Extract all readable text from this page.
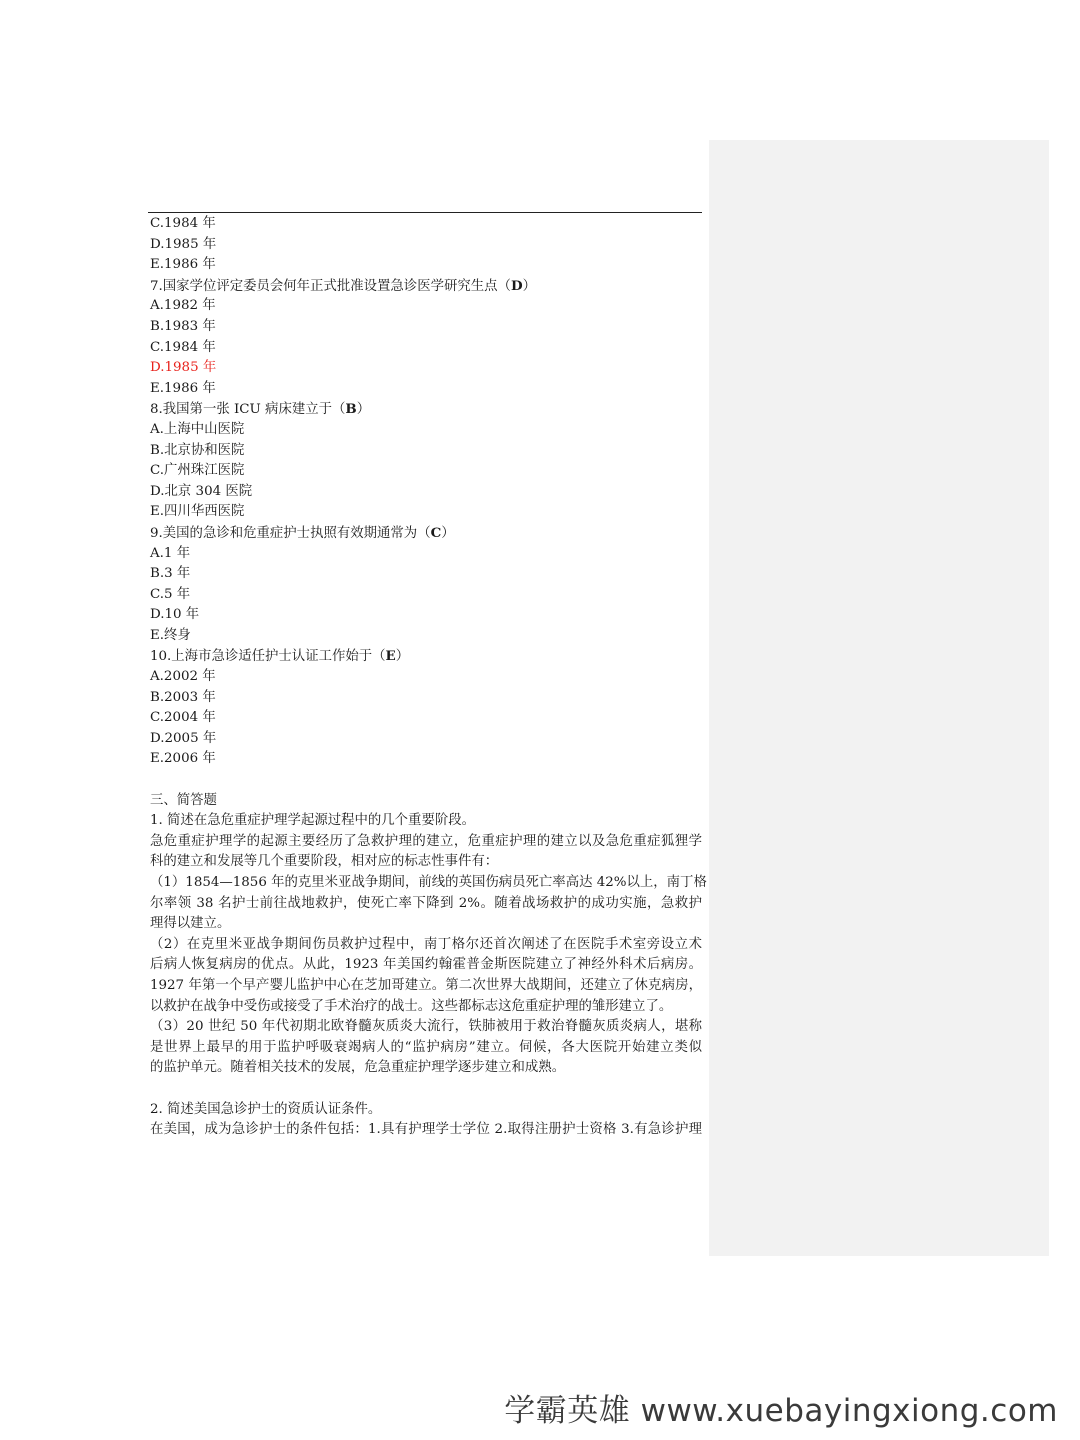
C.1984 年
D.1985 年
E.1986 年
7.国家学位评定委员会何年正式批准设置急诊医学研究生点（D）
A.1982 年
B.1983 年
C.1984 年
D.1985 年
E.1986 年
8.我国第一张 ICU 病床建立于（B）
A.上海中山医院
B.北京协和医院
C.广州珠江医院
D.北京 304 医院
E.四川华西医院
9.美国的急诊和危重症护士执照有效期通常为（C）
A.1 年
B.3 年
C.5 年
D.10 年
E.终身
10.上海市急诊适任护士认证工作始于（E）
A.2002 年
B.2003 年
C.2004 年
D.2005 年
E.2006 年
三、简答题
1. 简述在急危重症护理学起源过程中的几个重要阶段。
急危重症护理学的起源主要经历了急救护理的建立，危重症护理的建立以及急危重症狐狸学
科的建立和发展等几个重要阶段，相对应的标志性事件有：
（1）1854—1856 年的克里米亚战争期间，前线的英国伤病员死亡率高达 42%以上，南丁格
尔率领 38 名护士前往战地救护，使死亡率下降到 2%。随着战场救护的成功实施，急救护
理得以建立。
（2）在克里米亚战争期间伤员救护过程中，南丁格尔还首次阐述了在医院手术室旁设立术
后病人恢复病房的优点。从此，1923 年美国约翰霍普金斯医院建立了神经外科术后病房。
1927 年第一个早产婴儿监护中心在芝加哥建立。第二次世界大战期间，还建立了休克病房，
以救护在战争中受伤或接受了手术治疗的战士。这些都标志这危重症护理的雏形建立了。
（3）20 世纪 50 年代初期北欧脊髓灰质炎大流行，铁肺被用于救治脊髓灰质炎病人，堪称
是世界上最早的用于监护呼吸衰竭病人的“监护病房”建立。伺候，各大医院开始建立类似
的监护单元。随着相关技术的发展，危急重症护理学逐步建立和成熟。
2. 简述美国急诊护士的资质认证条件。
在美国，成为急诊护士的条件包括：1.具有护理学士学位 2.取得注册护士资格 3.有急诊护理
学霸英雄 www.xuebayingxiong.com
